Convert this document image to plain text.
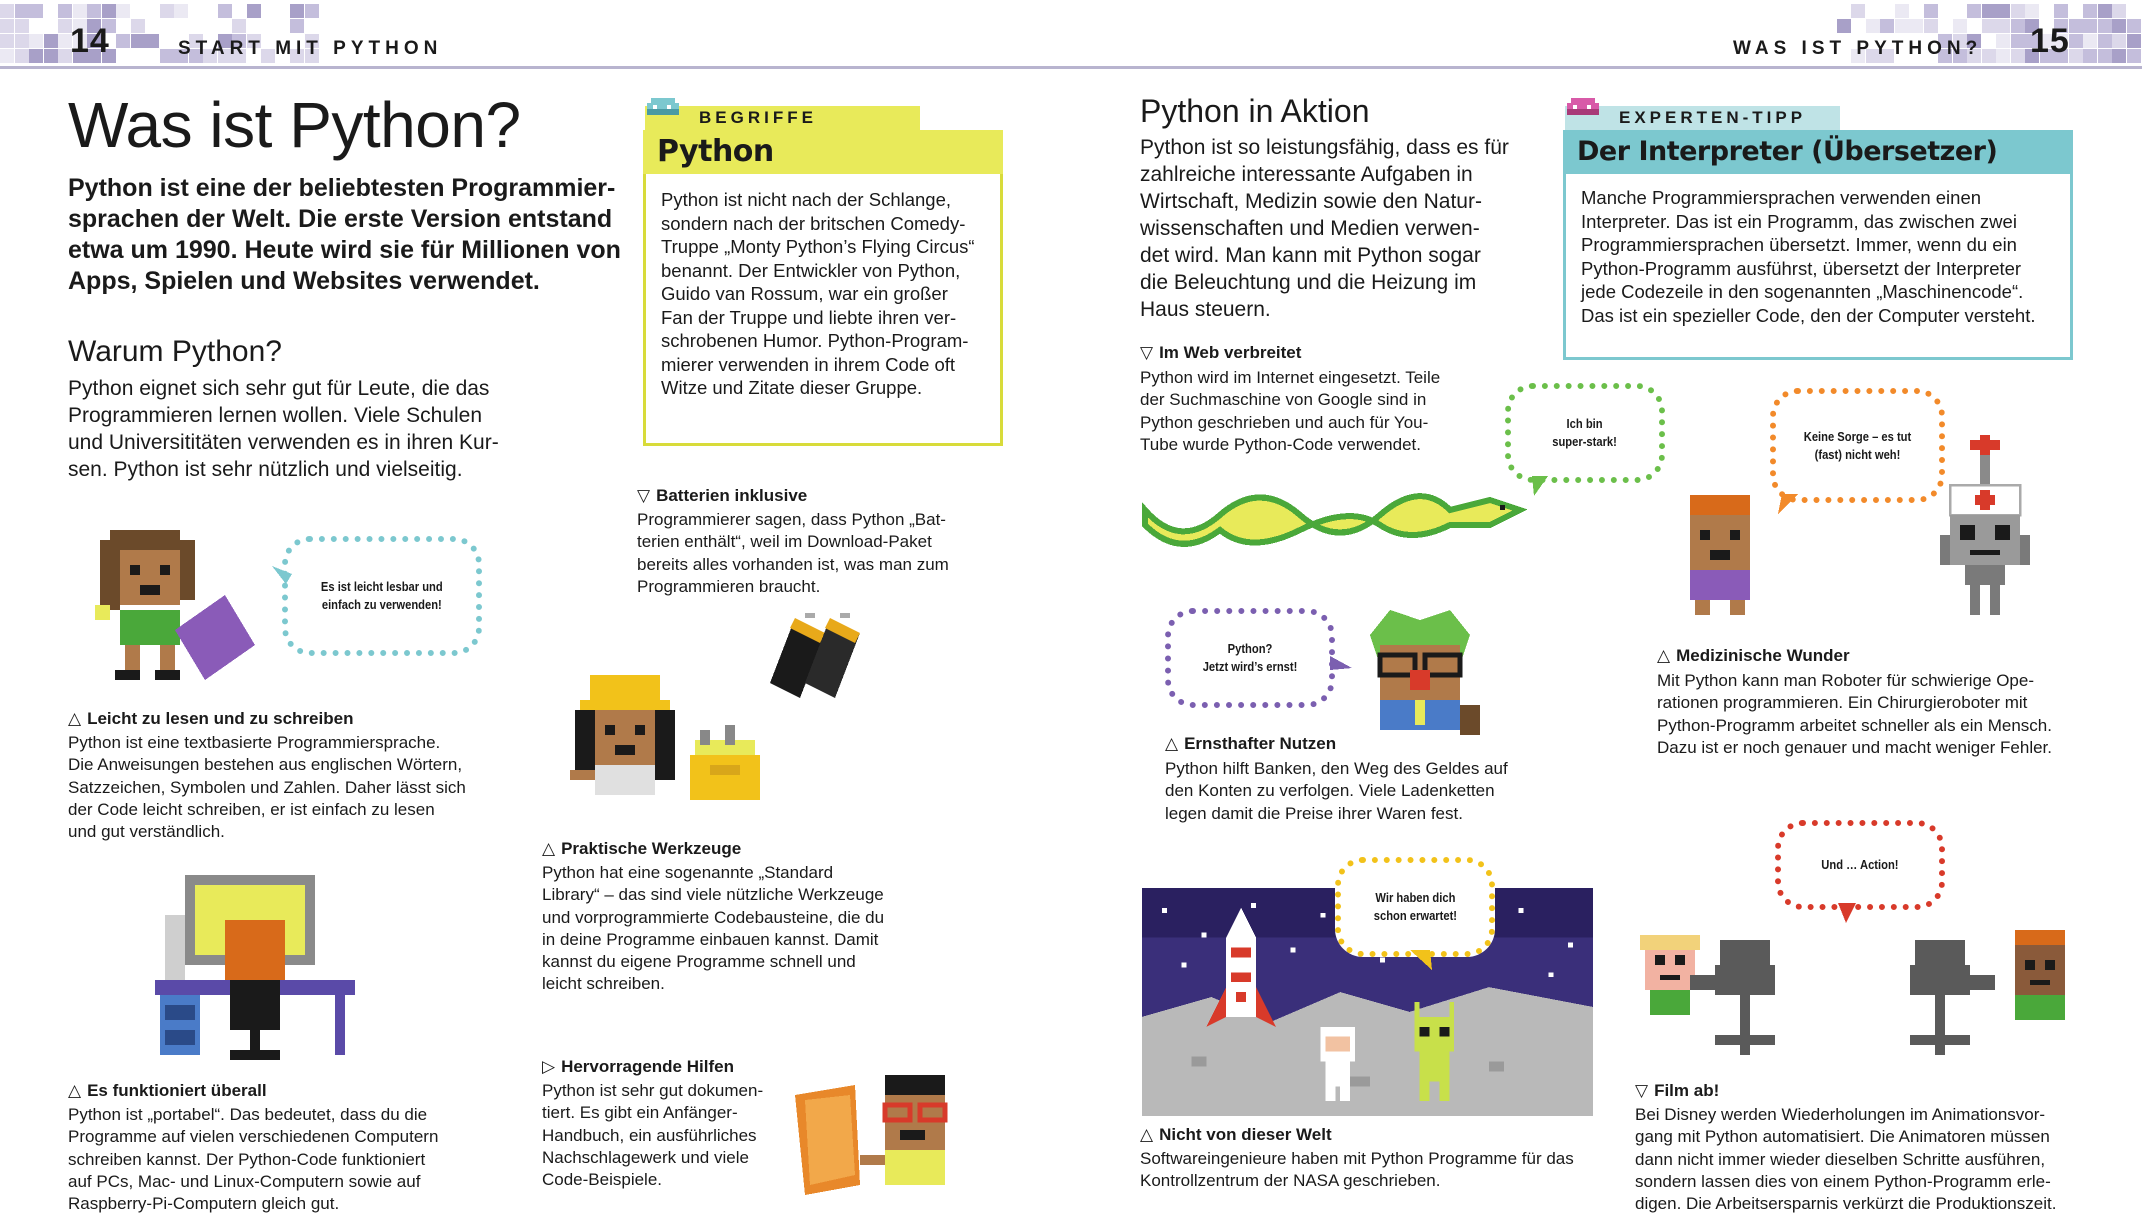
14	START MIT PYTHON	WAS IST PYTHON? 15
Was ist Python?
Python ist eine der beliebtesten Programmier-
sprachen der Welt. Die erste Version entstand
etwa um 1990. Heute wird sie für Millionen von
Apps, Spielen und Websites verwendet.
Warum Python?
Python eignet sich sehr gut für Leute, die das
Programmieren lernen wollen. Viele Schulen
und Universititäten verwenden es in ihren Kur-
sen. Python ist sehr nützlich und vielseitig.
BEGRIFFE
Python
Python ist nicht nach der Schlange,
sondern nach der britschen Comedy-
Truppe „Monty Python’s Flying Circus“
benannt. Der Entwickler von Python,
Guido van Rossum, war ein großer
Fan der Truppe und liebte ihren ver-
schrobenen Humor. Python-Program-
mierer verwenden in ihrem Code oft
Witze und Zitate dieser Gruppe.
Es ist leicht lesbar und
einfach zu verwenden!
△ Leicht zu lesen und zu schreiben
Python ist eine textbasierte Programmiersprache.
Die Anweisungen bestehen aus englischen Wörtern,
Satzzeichen, Symbolen und Zahlen. Daher lässt sich
der Code leicht schreiben, er ist einfach zu lesen
und gut verständlich.
△ Es funktioniert überall
Python ist „portabel“. Das bedeutet, dass du die
Programme auf vielen verschiedenen Computern
schreiben kannst. Der Python-Code funktioniert
auf PCs, Mac- und Linux-Computern sowie auf
Raspberry-Pi-Computern gleich gut.
▽ Batterien inklusive
Programmierer sagen, dass Python „Bat-
terien enthält“, weil im Download-Paket
bereits alles vorhanden ist, was man zum
Programmieren braucht.
△ Praktische Werkzeuge
Python hat eine sogenannte „Standard
Library“ – das sind viele nützliche Werkzeuge
und vorprogrammierte Codebausteine, die du
in deine Programme einbauen kannst. Damit
kannst du eigene Programme schnell und
leicht schreiben.
▷ Hervorragende Hilfen
Python ist sehr gut dokumen-
tiert. Es gibt ein Anfänger-
Handbuch, ein ausführliches
Nachschlagewerk und viele
Code-Beispiele.
Python in Aktion
Python ist so leistungsfähig, dass es für
zahlreiche interessante Aufgaben in
Wirtschaft, Medizin sowie den Natur-
wissenschaften und Medien verwen-
det wird. Man kann mit Python sogar
die Beleuchtung und die Heizung im
Haus steuern.
EXPERTEN-TIPP
Der Interpreter (Übersetzer)
Manche Programmiersprachen verwenden einen
Interpreter. Das ist ein Programm, das zwischen zwei
Programmiersprachen übersetzt. Immer, wenn du ein
Python-Programm ausführst, übersetzt der Interpreter
jede Codezeile in den sogenannten „Maschinencode“.
Das ist ein spezieller Code, den der Computer versteht.
▽ Im Web verbreitet
Python wird im Internet eingesetzt. Teile
der Suchmaschine von Google sind in
Python geschrieben und auch für You-
Tube wurde Python-Code verwendet.
Ich bin
super-stark!
Python?
Jetzt wird’s ernst!
△ Ernsthafter Nutzen
Python hilft Banken, den Weg des Geldes auf
den Konten zu verfolgen. Viele Ladenketten
legen damit die Preise ihrer Waren fest.
Keine Sorge – es tut
(fast) nicht weh!
△ Medizinische Wunder
Mit Python kann man Roboter für schwierige Ope-
rationen programmieren. Ein Chirurgieroboter mit
Python-Programm arbeitet schneller als ein Mensch.
Dazu ist er noch genauer und macht weniger Fehler.
Wir haben dich
schon erwartet!
△ Nicht von dieser Welt
Softwareingenieure haben mit Python Programme für das
Kontrollzentrum der NASA geschrieben.
Und … Action!
▽ Film ab!
Bei Disney werden Wiederholungen im Animationsvor-
gang mit Python automatisiert. Die Animatoren müssen
dann nicht immer wieder dieselben Schritte ausführen,
sondern lassen dies von einem Python-Programm erle-
digen. Die Arbeitsersparnis verkürzt die Produktionszeit.
